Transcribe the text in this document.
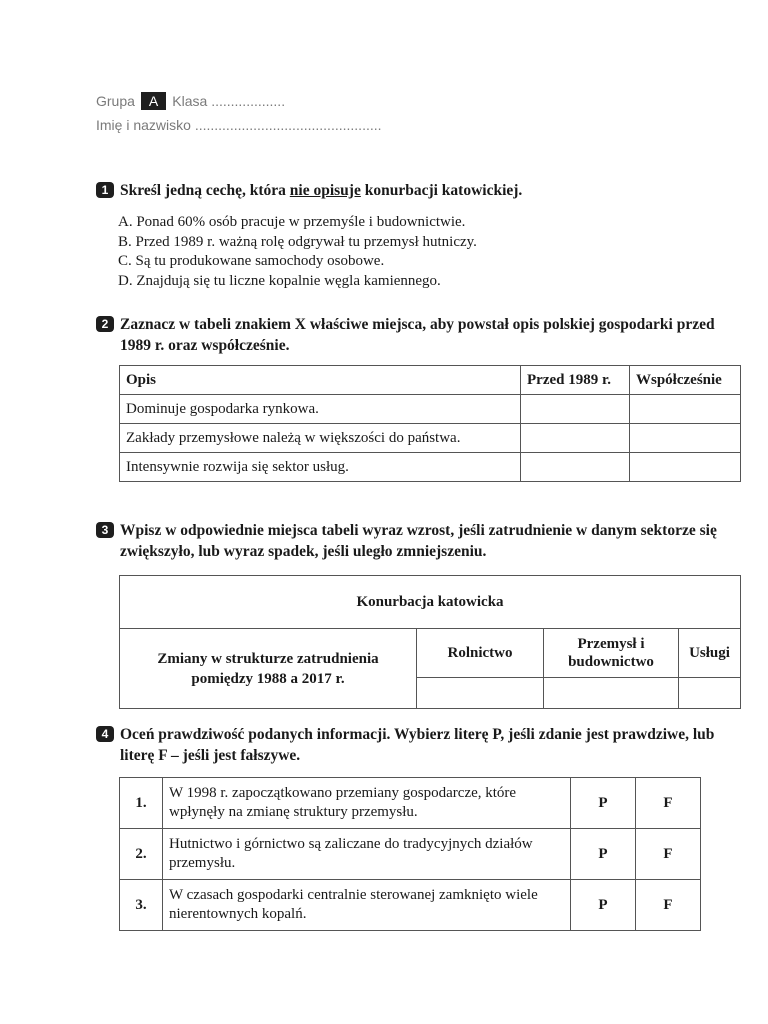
Grupa A Klasa ...................
Imię i nazwisko ................................................
1 Skreśl jedną cechę, która nie opisuje konurbacji katowickiej.
A. Ponad 60% osób pracuje w przemyśle i budownictwie.
B. Przed 1989 r. ważną rolę odgrywał tu przemysł hutniczy.
C. Są tu produkowane samochody osobowe.
D. Znajdują się tu liczne kopalnie węgla kamiennego.
2 Zaznacz w tabeli znakiem X właściwe miejsca, aby powstał opis polskiej gospodarki przed 1989 r. oraz współcześnie.
Opis	Przed 1989 r.	Współcześnie
Dominuje gospodarka rynkowa.		
Zakłady przemysłowe należą w większości do państwa.		
Intensywnie rozwija się sektor usług.		
3 Wpisz w odpowiednie miejsca tabeli wyraz wzrost, jeśli zatrudnienie w danym sektorze się zwiększyło, lub wyraz spadek, jeśli uległo zmniejszeniu.
Konurbacja katowicka			
Zmiany w strukturze zatrudnienia pomiędzy 1988 a 2017 r.	Rolnictwo	Przemysł i budownictwo	Usługi

4 Oceń prawdziwość podanych informacji. Wybierz literę P, jeśli zdanie jest prawdziwe, lub literę F – jeśli jest fałszywe.
1.	W 1998 r. zapoczątkowano przemiany gospodarcze, które wpłynęły na zmianę struktury przemysłu.	P	F
2.	Hutnictwo i górnictwo są zaliczane do tradycyjnych działów przemysłu.	P	F
3.	W czasach gospodarki centralnie sterowanej zamknięto wiele nierentownych kopalń.	P	F
